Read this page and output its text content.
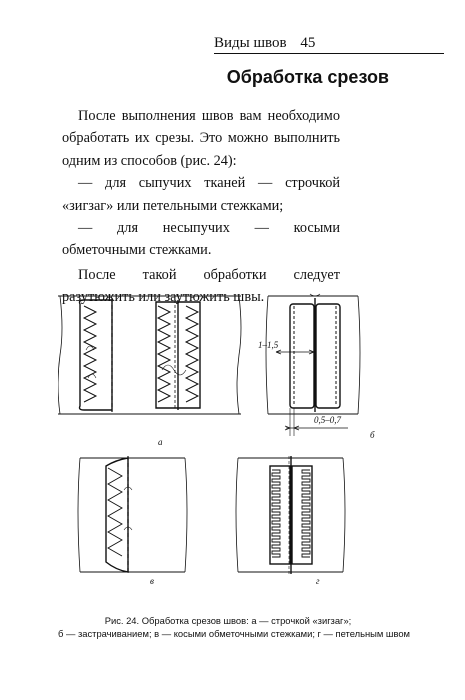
Виды швов 45
Обработка срезов

После выполнения швов вам необходимо обработать их срезы. Это можно выполнить одним из способов (рис. 24):

— для сыпучих тканей — строчкой «зигзаг» или петельными стежками;

— для несыпучих — косыми обметочными стежками.

После такой обработки следует разутюжить или заутюжить швы.

а
1–1,5
0,5–0,7
б
в	г
Рис. 24. Обработка срезов швов: а — строчкой «зигзаг»;
б — застрачиванием; в — косыми обметочными стежками; г — петельным швом
